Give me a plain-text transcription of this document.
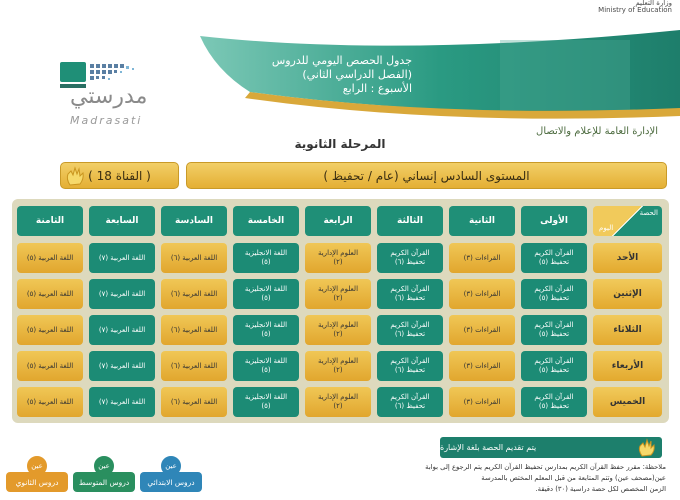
وزارة التعليم
Ministry of Education
جدول الحصص اليومي للدروس
(الفصل الدراسي الثاني)
الأسبوع : الرابع
مدرستي
Madrasati
الإدارة العامة للإعلام والاتصال
المرحلة الثانوية
المستوى السادس إنساني (عام / تحفيظ )
( القناة 18 )
الحصة
اليوم
الأولى
الثانية
الثالثة
الرابعة
الخامسة
السادسة
السابعة
الثامنة
الأحد
القرآن الكريم
تحفيظ (٥)
القراءات (٣)
القرآن الكريم
تحفيظ (٦)
العلوم الإدارية
(٢)
اللغة الانجليزية
(٥)
اللغة العربية (٦)
اللغة العربية (٧)
اللغة العربية (٥)
الإثنين
القرآن الكريم
تحفيظ (٥)
القراءات (٣)
القرآن الكريم
تحفيظ (٦)
العلوم الإدارية
(٢)
اللغة الانجليزية
(٥)
اللغة العربية (٦)
اللغة العربية (٧)
اللغة العربية (٥)
الثلاثاء
القرآن الكريم
تحفيظ (٥)
القراءات (٣)
القرآن الكريم
تحفيظ (٦)
العلوم الإدارية
(٢)
اللغة الانجليزية
(٥)
اللغة العربية (٦)
اللغة العربية (٧)
اللغة العربية (٥)
الأربعاء
القرآن الكريم
تحفيظ (٥)
القراءات (٣)
القرآن الكريم
تحفيظ (٦)
العلوم الإدارية
(٢)
اللغة الانجليزية
(٥)
اللغة العربية (٦)
اللغة العربية (٧)
اللغة العربية (٥)
الخميس
القرآن الكريم
تحفيظ (٥)
القراءات (٣)
القرآن الكريم
تحفيظ (٦)
العلوم الإدارية
(٢)
اللغة الانجليزية
(٥)
اللغة العربية (٦)
اللغة العربية (٧)
اللغة العربية (٥)
يتم تقديم الحصة بلغة الإشارة
ملاحظة: مقرر حفظ القرآن الكريم بمدارس تحفيظ القرآن الكريم يتم الرجوع إلى بوابة
عين(مصحف عين) وتتم المتابعة من قبل المعلم المختص بالمدرسة
الزمن المخصص لكل حصة دراسية (٣٠) دقيقة.
عين
دروس الابتدائي
عين
دروس المتوسط
عين
دروس الثانوي
